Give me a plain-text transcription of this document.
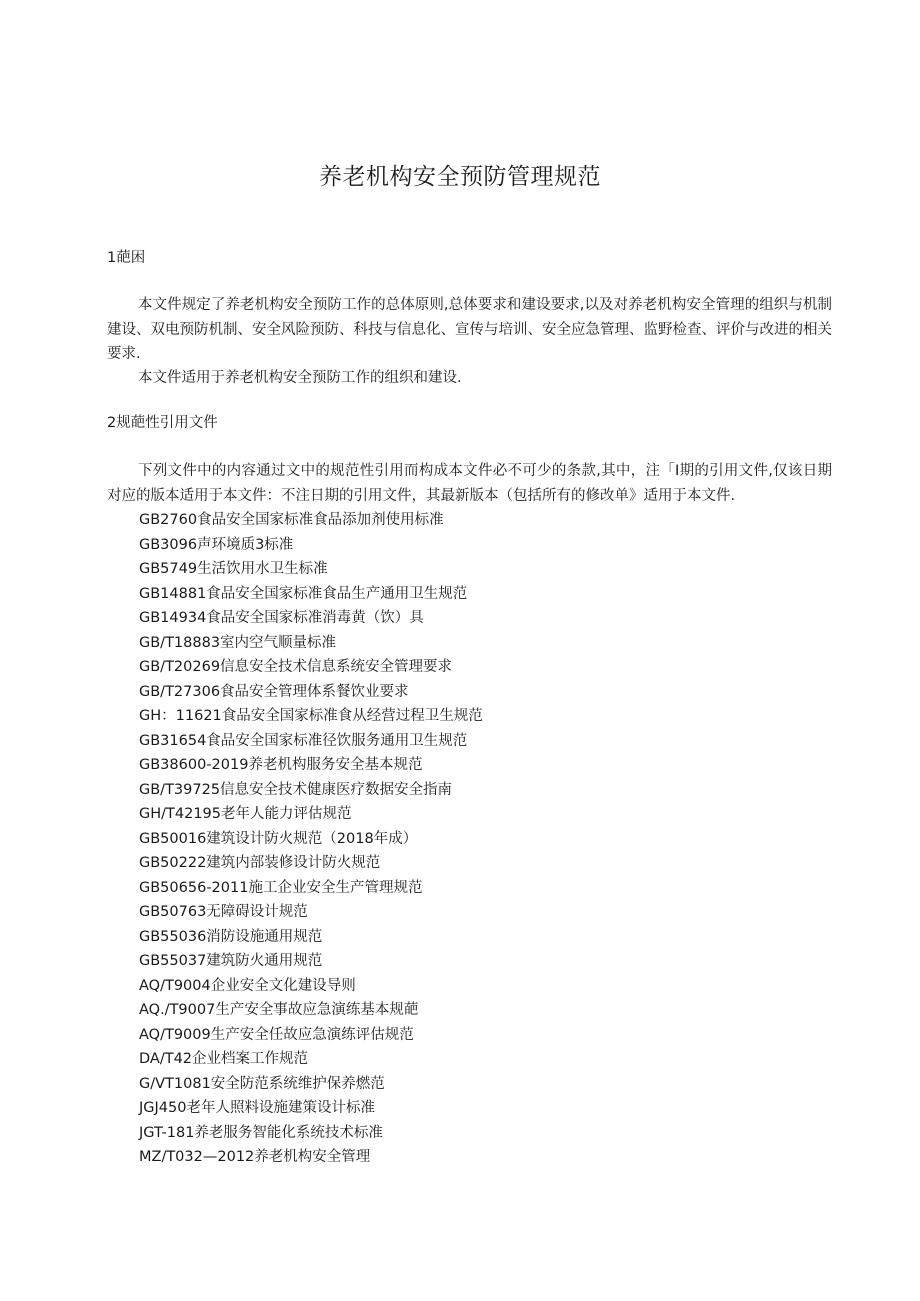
养老机构安全预防管理规范
1葩困
本文件规定了养老机构安全预防工作的总体原则,总体要求和建设要求,以及对养老机构安全管理的组织与机制建设、双电预防机制、安全风险预防、科技与信息化、宣传与培训、安全应急管理、监野检查、评价与改进的相关要求.
本文件适用于养老机构安全预防工作的组织和建设.
2规葩性引用文件
下列文件中的内容通过文中的规范性引用而构成本文件必不可少的条款,其中，注「I期的引用文件,仅该日期对应的版本适用于本文件：不注日期的引用文件，其最新版本（包括所有的修改单》适用于本文件.
GB2760食品安全国家标准食品添加剂使用标准
GB3096声环境质3标准
GB5749生活饮用水卫生标准
GB14881食品安全国家标准食品生产通用卫生规范
GB14934食品安全国家标准消毒黄（饮）具
GB/T18883室内空气顺量标准
GB/T20269信息安全技术信息系统安全管理要求
GB/T27306食品安全管理体系餐饮业要求
GH：11621食品安全国家标准食从经营过程卫生规范
GB31654食品安全国家标准径饮服务通用卫生规范
GB38600-2019养老机构服务安全基本规范
GB/T39725信息安全技术健康医疗数据安全指南
GH/T42195老年人能力评估规范
GB50016建筑设计防火规范（2018年成）
GB50222建筑内部装修设计防火规范
GB50656-2011施工企业安全生产管理规范
GB50763无障碍设计规范
GB55036消防设施通用规范
GB55037建筑防火通用规范
AQ/T9004企业安全文化建设导则
AQ./T9007生产安全事故应急演练基本规葩
AQ/T9009生产安全任故应急演练评估规范
DA/T42企业档案工作规范
G/VT1081安全防范系统维护保养燃范
JGJ450老年人照料设施建策设计标准
JGT-181养老服务智能化系统技术标准
MZ/T032—2012养老机构安全管理
